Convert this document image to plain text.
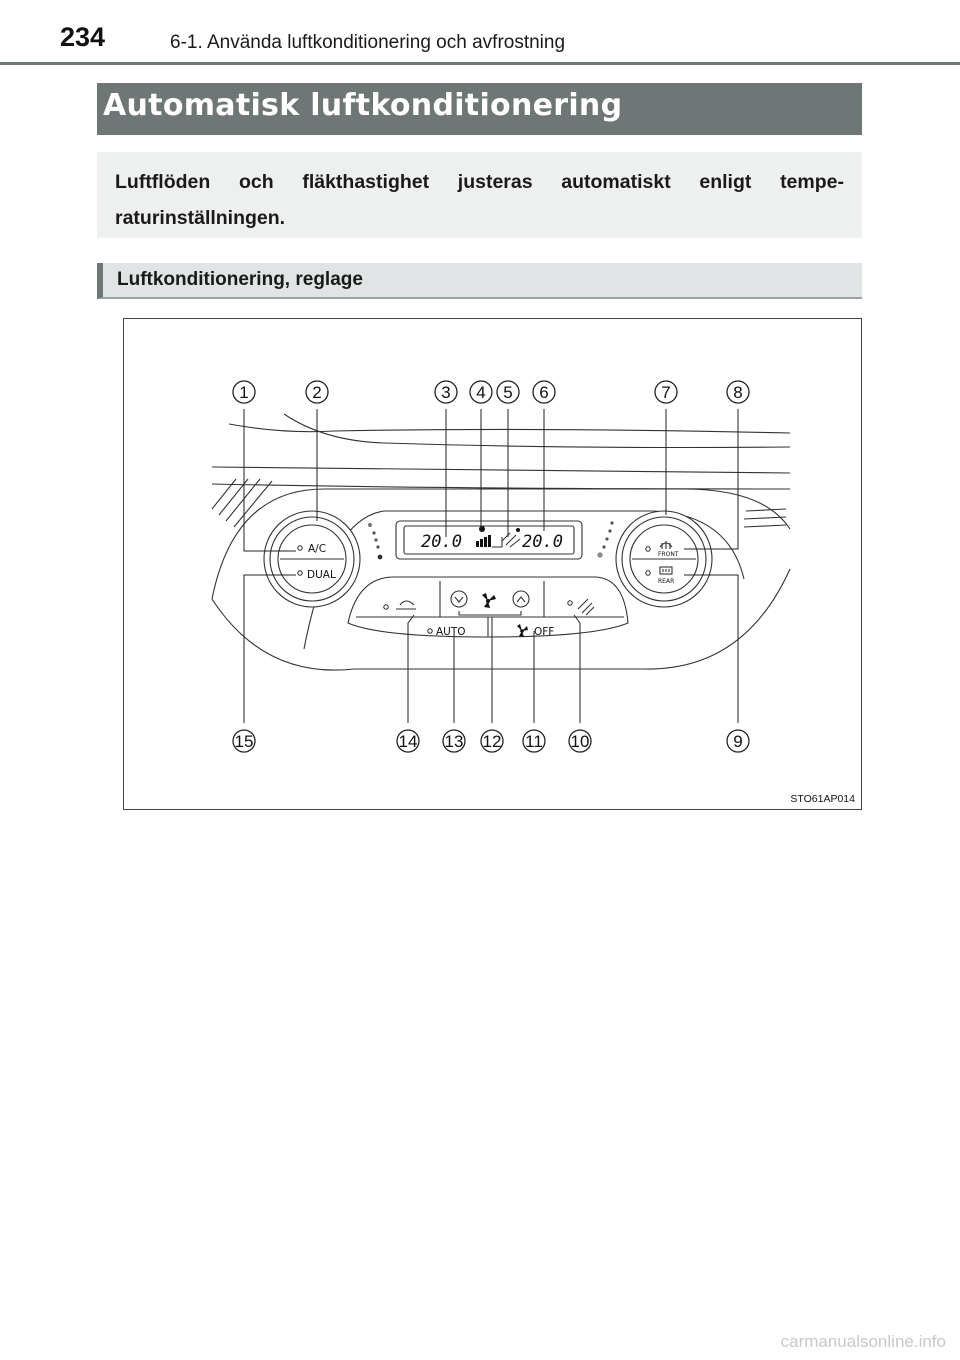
234	6-1. Använda luftkonditionering och avfrostning
Automatisk luftkonditionering

Luftflöden och fläkthastighet justeras automatiskt enligt tempe-raturinställningen.

Luftkonditionering, reglage
20.0	20.0
A/C
DUAL
FRONT
REAR
AUTO	OFF
1	2	3 4 5 6	7	8
9
10
11
12
13
14
15
STO61AP014
carmanualsonline.info
